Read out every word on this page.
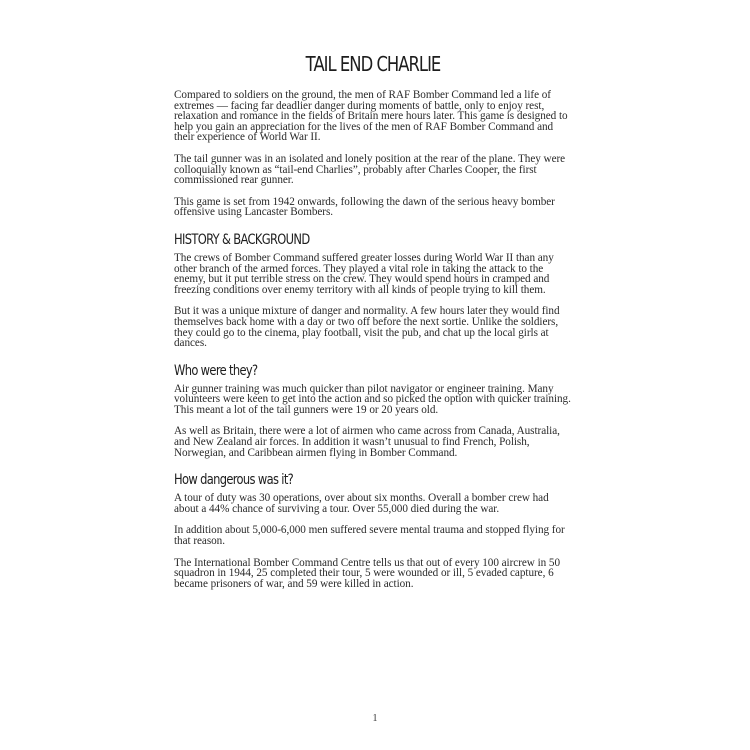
TAIL END CHARLIE

Compared to soldiers on the ground, the men of RAF Bomber Command led a life of extremes — facing far deadlier danger during moments of battle, only to enjoy rest, relaxation and romance in the fields of Britain mere hours later. This game is designed to help you gain an appreciation for the lives of the men of RAF Bomber Command and their experience of World War II.

The tail gunner was in an isolated and lonely position at the rear of the plane. They were colloquially known as “tail-end Charlies”, probably after Charles Cooper, the first commissioned rear gunner.

This game is set from 1942 onwards, following the dawn of the serious heavy bomber offensive using Lancaster Bombers.

HISTORY & BACKGROUND

The crews of Bomber Command suffered greater losses during World War II than any other branch of the armed forces. They played a vital role in taking the attack to the enemy, but it put terrible stress on the crew. They would spend hours in cramped and freezing conditions over enemy territory with all kinds of people trying to kill them.

But it was a unique mixture of danger and normality. A few hours later they would find themselves back home with a day or two off before the next sortie. Unlike the soldiers, they could go to the cinema, play football, visit the pub, and chat up the local girls at dances.

Who were they?

Air gunner training was much quicker than pilot navigator or engineer training. Many volunteers were keen to get into the action and so picked the option with quicker training. This meant a lot of the tail gunners were 19 or 20 years old.

As well as Britain, there were a lot of airmen who came across from Canada, Australia, and New Zealand air forces. In addition it wasn’t unusual to find French, Polish, Norwegian, and Caribbean airmen flying in Bomber Command.

How dangerous was it?

A tour of duty was 30 operations, over about six months. Overall a bomber crew had about a 44% chance of surviving a tour. Over 55,000 died during the war.

In addition about 5,000-6,000 men suffered severe mental trauma and stopped flying for that reason.

The International Bomber Command Centre tells us that out of every 100 aircrew in 50 squadron in 1944, 25 completed their tour, 5 were wounded or ill, 5 evaded capture, 6 became prisoners of war, and 59 were killed in action.

1
